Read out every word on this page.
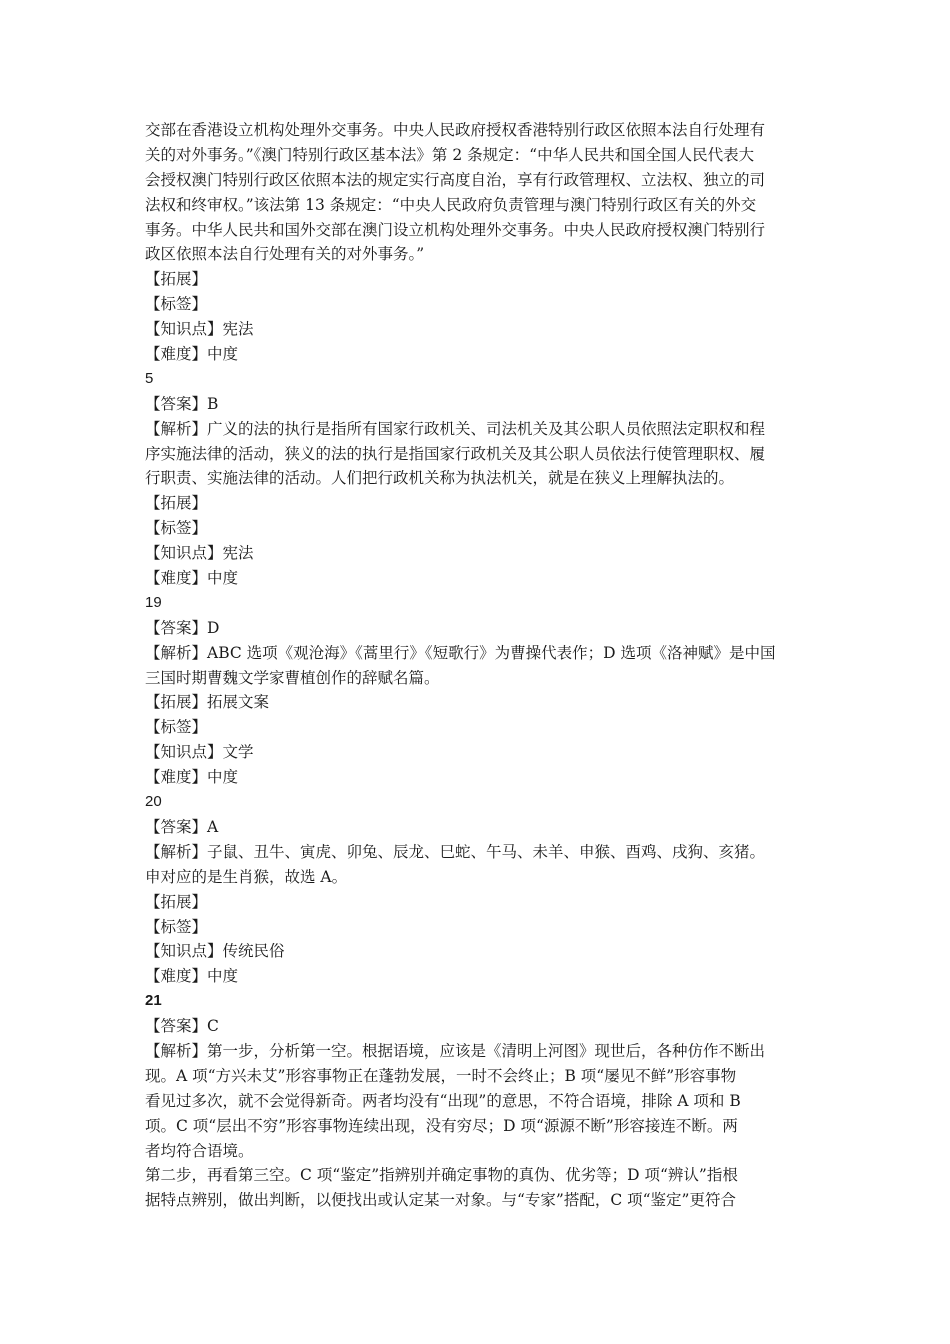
交部在香港设立机构处理外交事务。中央人民政府授权香港特别行政区依照本法自行处理有
关的对外事务。”《澳门特别行政区基本法》第 2 条规定：“中华人民共和国全国人民代表大
会授权澳门特别行政区依照本法的规定实行高度自治，享有行政管理权、立法权、独立的司
法权和终审权。”该法第 13 条规定：“中央人民政府负责管理与澳门特别行政区有关的外交
事务。中华人民共和国外交部在澳门设立机构处理外交事务。中央人民政府授权澳门特别行
政区依照本法自行处理有关的对外事务。”
【拓展】
【标签】
【知识点】宪法
【难度】中度
5
【答案】B
【解析】广义的法的执行是指所有国家行政机关、司法机关及其公职人员依照法定职权和程
序实施法律的活动，狭义的法的执行是指国家行政机关及其公职人员依法行使管理职权、履
行职责、实施法律的活动。人们把行政机关称为执法机关，就是在狭义上理解执法的。
【拓展】
【标签】
【知识点】宪法
【难度】中度
19
【答案】D
【解析】ABC 选项《观沧海》《蒿里行》《短歌行》为曹操代表作；D 选项《洛神赋》是中国
三国时期曹魏文学家曹植创作的辞赋名篇。
【拓展】拓展文案
【标签】
【知识点】文学
【难度】中度
20
【答案】A
【解析】子鼠、丑牛、寅虎、卯兔、辰龙、巳蛇、午马、未羊、申猴、酉鸡、戌狗、亥猪。
申对应的是生肖猴，故选 A。
【拓展】
【标签】
【知识点】传统民俗
【难度】中度
21
【答案】C
【解析】第一步，分析第一空。根据语境，应该是《清明上河图》现世后，各种仿作不断出
现。A 项“方兴未艾”形容事物正在蓬勃发展，一时不会终止；B 项“屡见不鲜”形容事物
看见过多次，就不会觉得新奇。两者均没有“出现”的意思，不符合语境，排除 A 项和 B
项。C 项“层出不穷”形容事物连续出现，没有穷尽；D 项“源源不断”形容接连不断。两
者均符合语境。
第二步，再看第三空。C 项“鉴定”指辨别并确定事物的真伪、优劣等；D 项“辨认”指根
据特点辨别，做出判断，以便找出或认定某一对象。与“专家”搭配，C 项“鉴定”更符合
